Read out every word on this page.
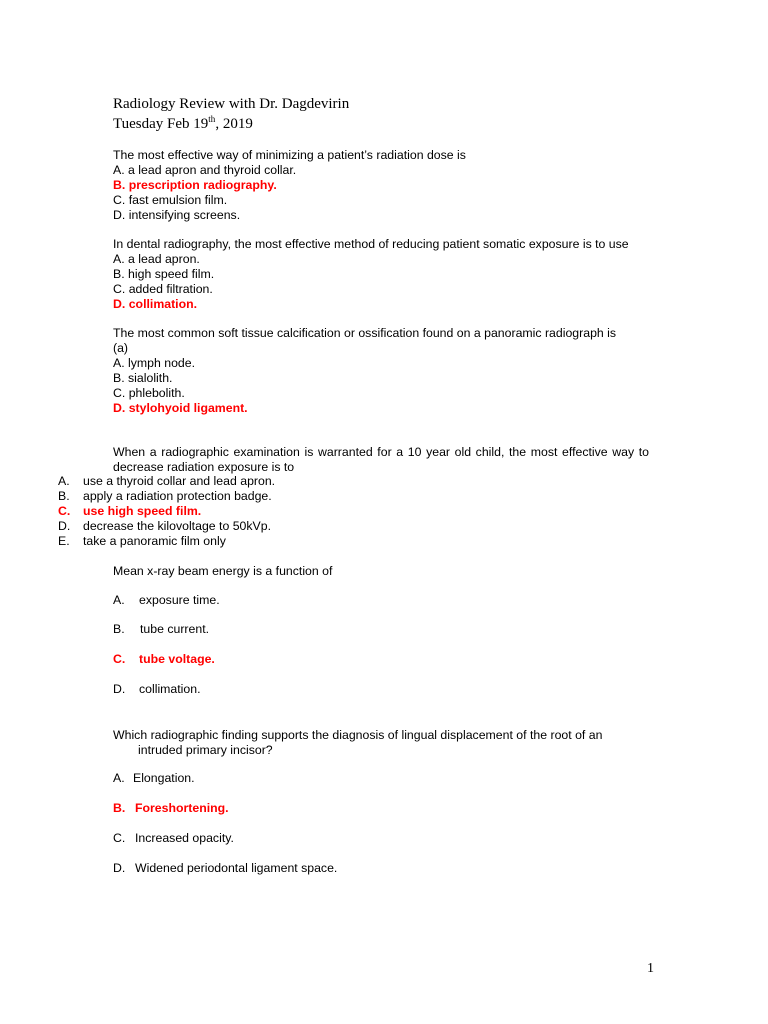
Radiology Review with Dr. Dagdevirin
Tuesday Feb 19th, 2019
The most effective way of minimizing a patient’s radiation dose is
A. a lead apron and thyroid collar.
B. prescription radiography.
C. fast emulsion film.
D. intensifying screens.
In dental radiography, the most effective method of reducing patient somatic exposure is to use
A. a lead apron.
B. high speed film.
C. added filtration.
D. collimation.
The most common soft tissue calcification or ossification found on a panoramic radiograph is
(a)
A. lymph node.
B. sialolith.
C. phlebolith.
D. stylohyoid ligament.
When a radiographic examination is warranted for a 10 year old child, the most effective way to decrease radiation exposure is to
A.	use a thyroid collar and lead apron.
B.	apply a radiation protection badge.
C.	use high speed film.
D.	decrease the kilovoltage to 50kVp.
E.	take a panoramic film only
Mean x-ray beam energy is a function of
A.	exposure time.
B.	tube current.
C.	tube voltage.
D.	collimation.
Which radiographic finding supports the diagnosis of lingual displacement of the root of an
intruded primary incisor?
A. Elongation.
B. Foreshortening.
C. Increased opacity.
D. Widened periodontal ligament space.
1
